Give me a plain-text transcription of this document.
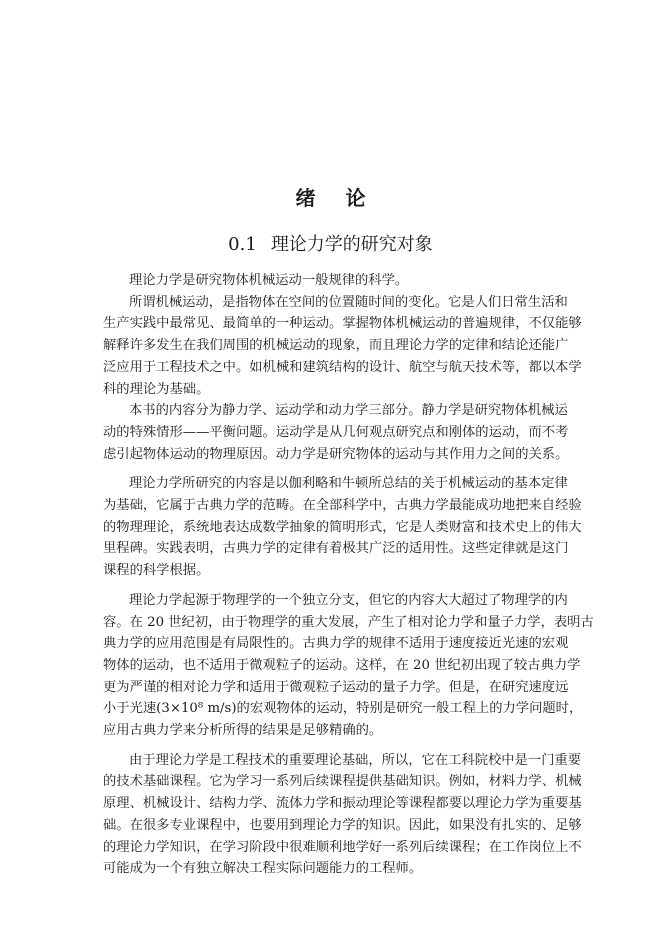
绪论
0.1 理论力学的研究对象
理论力学是研究物体机械运动一般规律的科学。
所谓机械运动，是指物体在空间的位置随时间的变化。它是人们日常生活和
生产实践中最常见、最简单的一种运动。掌握物体机械运动的普遍规律，不仅能够
解释许多发生在我们周围的机械运动的现象，而且理论力学的定律和结论还能广
泛应用于工程技术之中。如机械和建筑结构的设计、航空与航天技术等，都以本学
科的理论为基础。
本书的内容分为静力学、运动学和动力学三部分。静力学是研究物体机械运
动的特殊情形——平衡问题。运动学是从几何观点研究点和刚体的运动，而不考
虑引起物体运动的物理原因。动力学是研究物体的运动与其作用力之间的关系。
理论力学所研究的内容是以伽利略和牛顿所总结的关于机械运动的基本定律
为基础，它属于古典力学的范畴。在全部科学中，古典力学最能成功地把来自经验
的物理理论，系统地表达成数学抽象的简明形式，它是人类财富和技术史上的伟大
里程碑。实践表明，古典力学的定律有着极其广泛的适用性。这些定律就是这门
课程的科学根据。
理论力学起源于物理学的一个独立分支，但它的内容大大超过了物理学的内
容。在 20 世纪初，由于物理学的重大发展，产生了相对论力学和量子力学，表明古
典力学的应用范围是有局限性的。古典力学的规律不适用于速度接近光速的宏观
物体的运动，也不适用于微观粒子的运动。这样，在 20 世纪初出现了较古典力学
更为严谨的相对论力学和适用于微观粒子运动的量子力学。但是，在研究速度远
小于光速(3×10⁸ m/s)的宏观物体的运动，特别是研究一般工程上的力学问题时，
应用古典力学来分析所得的结果是足够精确的。
由于理论力学是工程技术的重要理论基础，所以，它在工科院校中是一门重要
的技术基础课程。它为学习一系列后续课程提供基础知识。例如，材料力学、机械
原理、机械设计、结构力学、流体力学和振动理论等课程都要以理论力学为重要基
础。在很多专业课程中，也要用到理论力学的知识。因此，如果没有扎实的、足够
的理论力学知识，在学习阶段中很难顺利地学好一系列后续课程；在工作岗位上不
可能成为一个有独立解决工程实际问题能力的工程师。
